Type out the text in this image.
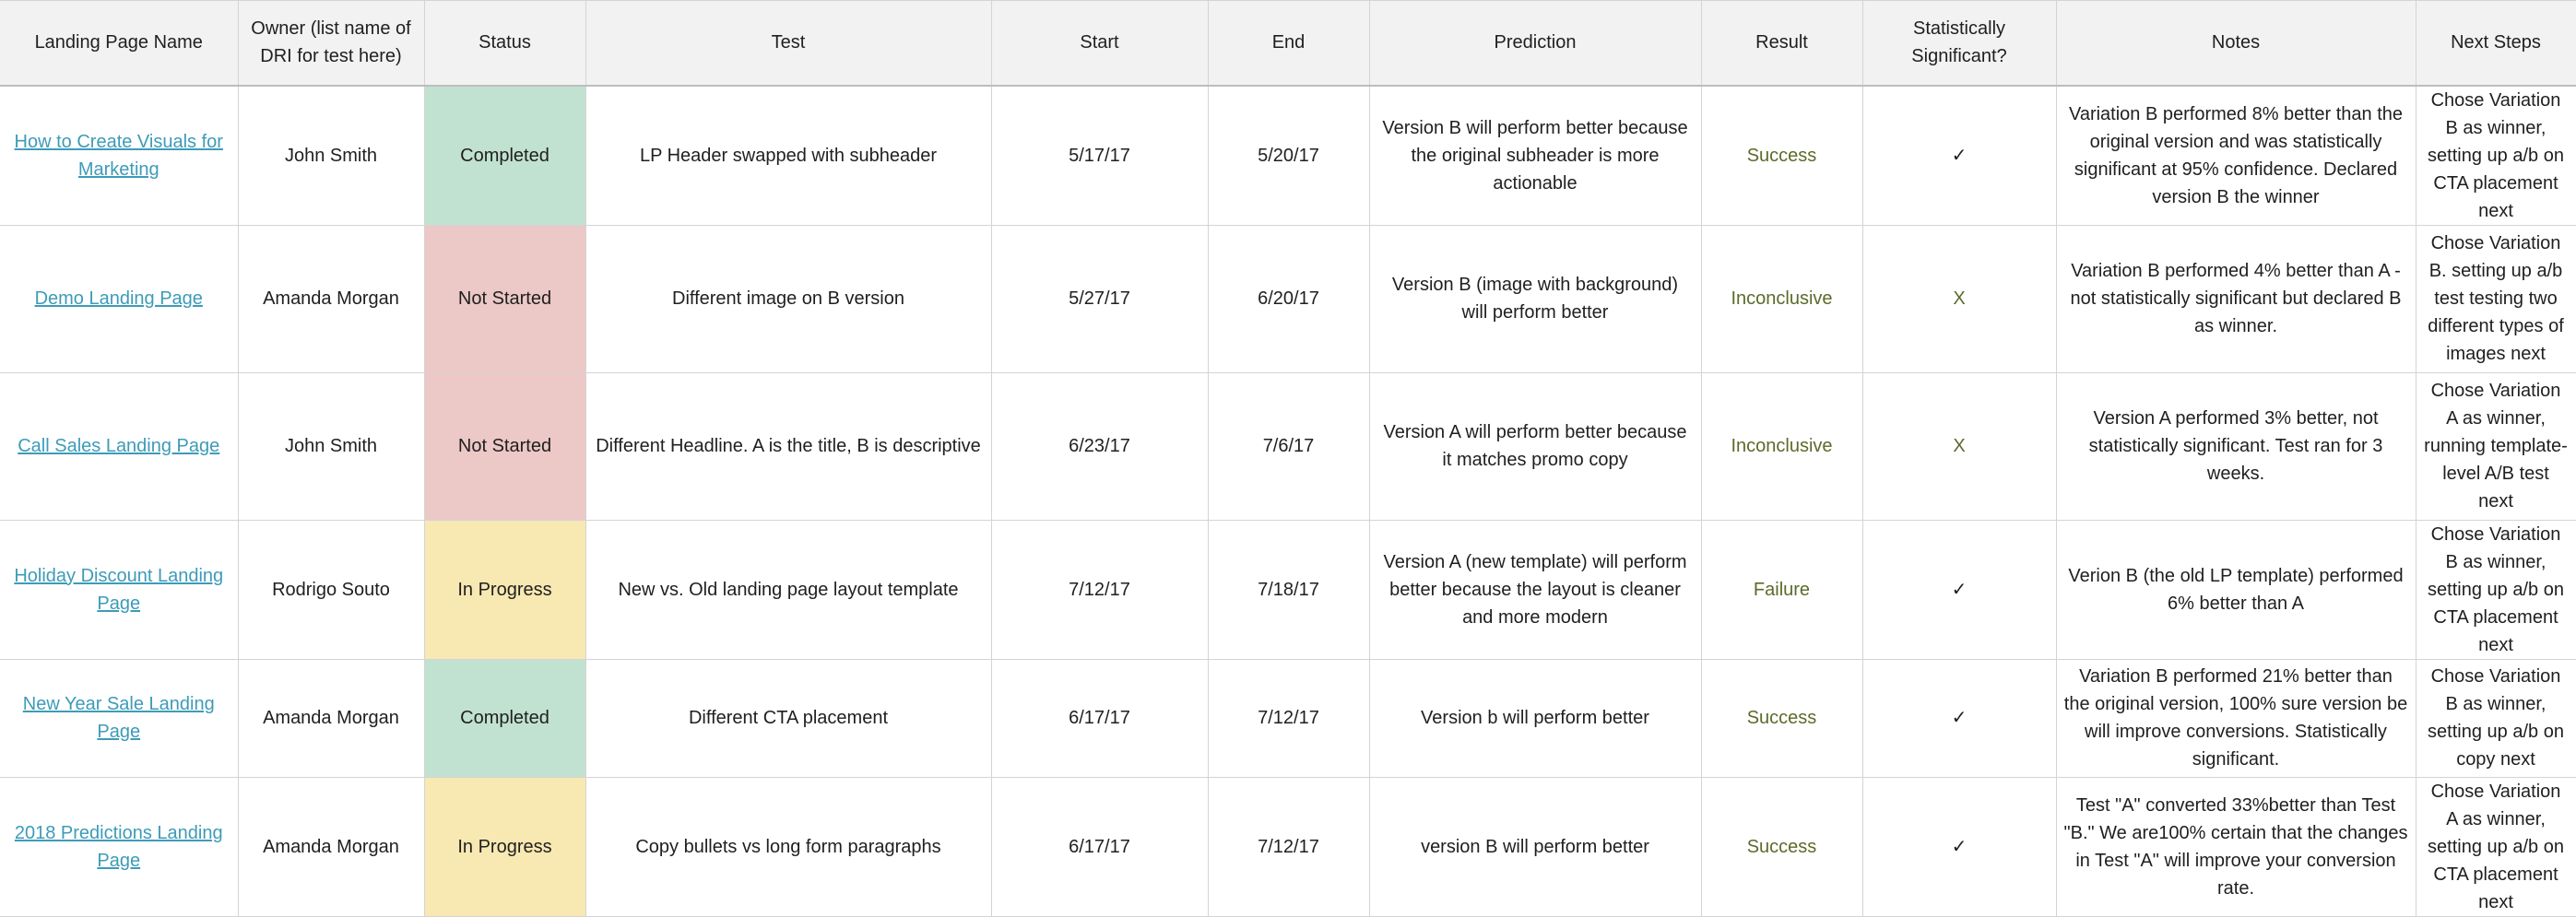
Landing Page Name	Owner (list name of DRI for test here)	Status	Test	Start	End	Prediction	Result	Statistically Significant?	Notes	Next Steps
How to Create Visuals for Marketing	John Smith	Completed	LP Header swapped with subheader	5/17/17	5/20/17	Version B will perform better because the original subheader is more actionable	Success	✓	Variation B performed 8% better than the original version and was statistically significant at 95% confidence. Declared version B the winner	Chose Variation B as winner, setting up a/b on CTA placement next
Demo Landing Page	Amanda Morgan	Not Started	Different image on B version	5/27/17	6/20/17	Version B (image with background) will perform better	Inconclusive	X	Variation B performed 4% better than A - not statistically significant but declared B as winner.	Chose Variation B. setting up a/b test testing two different types of images next
Call Sales Landing Page	John Smith	Not Started	Different Headline. A is the title, B is descriptive	6/23/17	7/6/17	Version A will perform better because it matches promo copy	Inconclusive	X	Version A performed 3% better, not statistically significant. Test ran for 3 weeks.	Chose Variation A as winner, running template-level A/B test next
Holiday Discount Landing Page	Rodrigo Souto	In Progress	New vs. Old landing page layout template	7/12/17	7/18/17	Version A (new template) will perform better because the layout is cleaner and more modern	Failure	✓	Verion B (the old LP template) performed 6% better than A	Chose Variation B as winner, setting up a/b on CTA placement next
New Year Sale Landing Page	Amanda Morgan	Completed	Different CTA placement	6/17/17	7/12/17	Version b will perform better	Success	✓	Variation B performed 21% better than the original version, 100% sure version be will improve conversions. Statistically significant.	Chose Variation B as winner, setting up a/b on copy next
2018 Predictions Landing Page	Amanda Morgan	In Progress	Copy bullets vs long form paragraphs	6/17/17	7/12/17	version B will perform better	Success	✓	Test "A" converted 33%better than Test "B." We are100% certain that the changes in Test "A" will improve your conversion rate.	Chose Variation A as winner, setting up a/b on CTA placement next
